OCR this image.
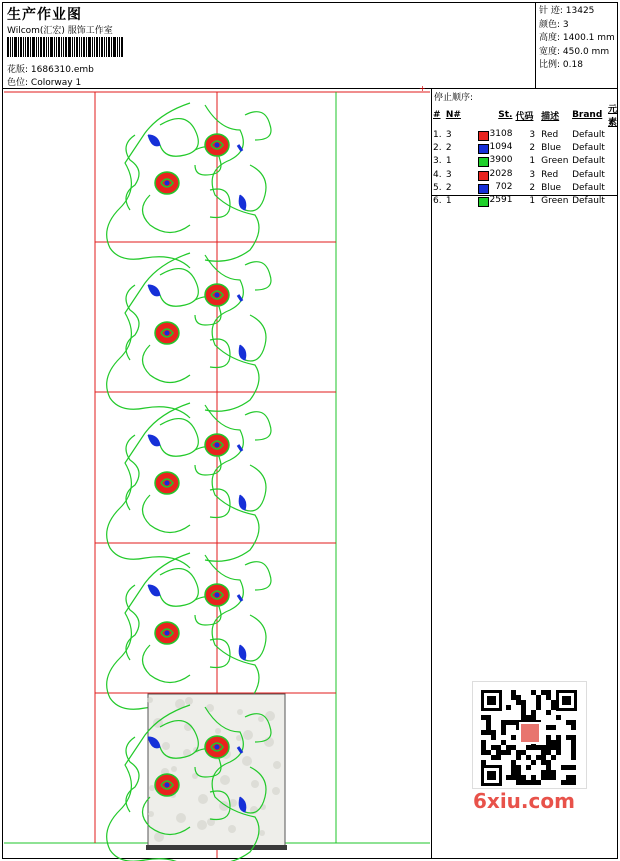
生产作业图
Wilcom(汇宏) 服饰工作室
花版: 1686310.emb
色位: Colorway 1
针 迹: 13425
颜色: 3
高度: 1400.1 mm
宽度: 450.0 mm
比例: 0.18
停止顺序:
#	N#	St.	代码	描述	Brand	元素
1.	3	3108	3	Red	Default	
2.	2	1094	2	Blue	Default	
3.	1	3900	1	Green	Default	
4.	3	2028	3	Red	Default	
5.	2	702	2	Blue	Default	
6.	1	2591	1	Green	Default	
+
6xiu.com
